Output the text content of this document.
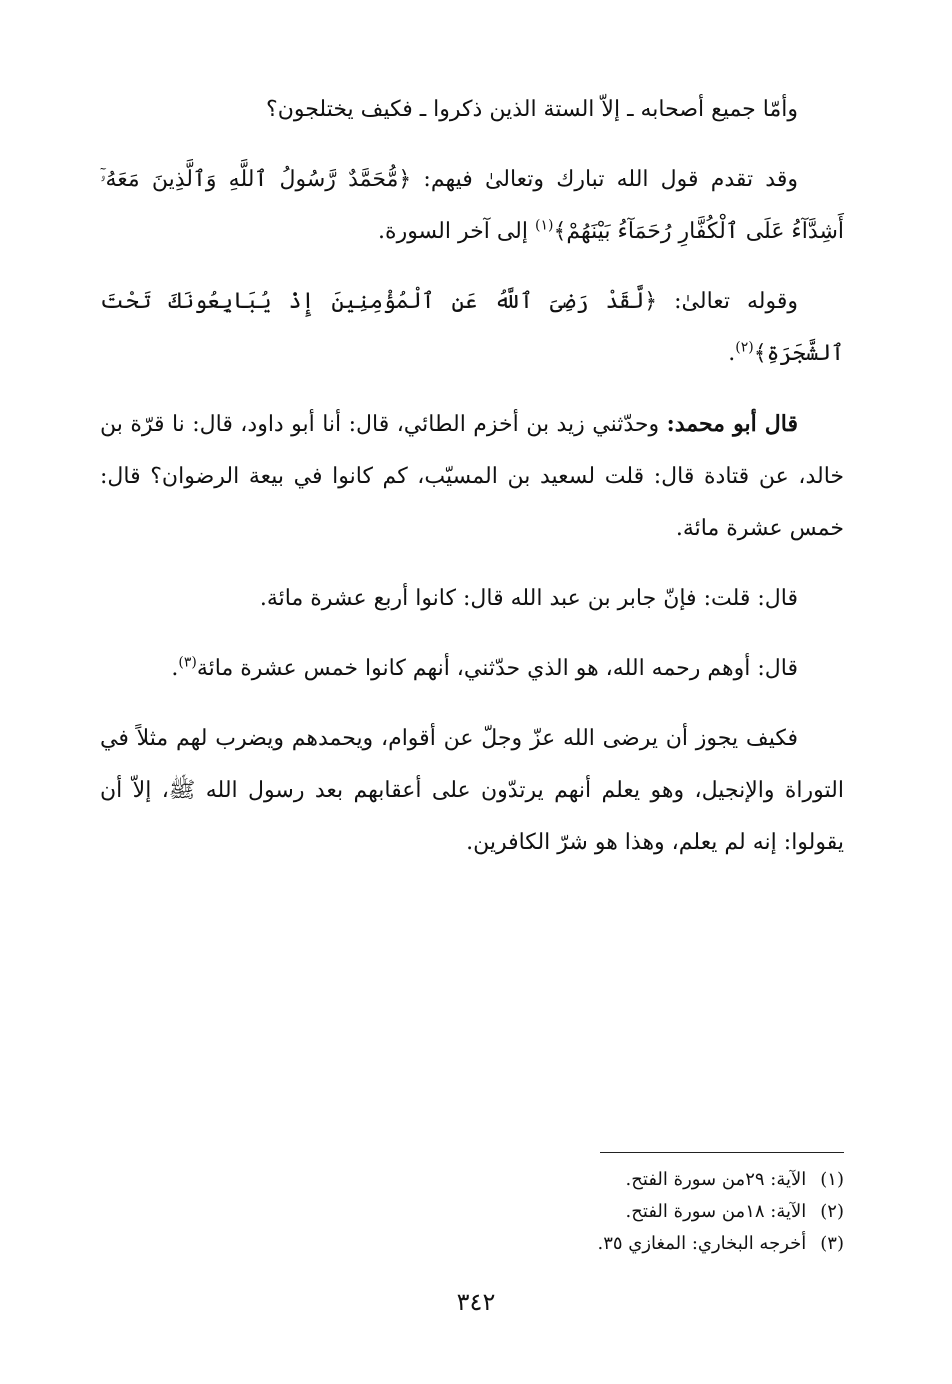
وأمّا جميع أصحابه ـ إلاّ الستة الذين ذكروا ـ فكيف يختلجون؟

وقد تقدم قول الله تبارك وتعالىٰ فيهم: ﴿مُّحَمَّدٌ رَّسُولُ ٱللَّهِ وَٱلَّذِينَ مَعَهُۥٓ أَشِدَّآءُ عَلَى ٱلْكُفَّارِ رُحَمَآءُ بَيْنَهُمْ﴾$^{(١)}$ إلى آخر السورة.

وقوله تعالىٰ: ﴿لَّقَدْ رَضِىَ ٱللَّهُ عَنِ ٱلْمُؤْمِنِينَ إِذْ يُبَايِعُونَكَ تَحْتَ ٱلشَّجَرَةِ﴾$^{(٢)}$.

قال أبو محمد: وحدّثني زيد بن أخزم الطائي، قال: أنا أبو داود، قال: نا قرّة بن خالد، عن قتادة قال: قلت لسعيد بن المسيّب، كم كانوا في بيعة الرضوان؟ قال: خمس عشرة مائة.

قال: قلت: فإنّ جابر بن عبد الله قال: كانوا أربع عشرة مائة.

قال: أوهم رحمه الله، هو الذي حدّثني، أنهم كانوا خمس عشرة مائة$^{(٣)}$.

فكيف يجوز أن يرضى الله عزّ وجلّ عن أقوام، ويحمدهم ويضرب لهم مثلاً في التوراة والإنجيل، وهو يعلم أنهم يرتدّون على أعقابهم بعد رسول الله ﷺ، إلاّ أن يقولوا: إنه لم يعلم، وهذا هو شرّ الكافرين.

(١) الآية: ٢٩من سورة الفتح.
(٢) الآية: ١٨من سورة الفتح.
(٣) أخرجه البخاري: المغازي ٣٥.
٣٤٢
